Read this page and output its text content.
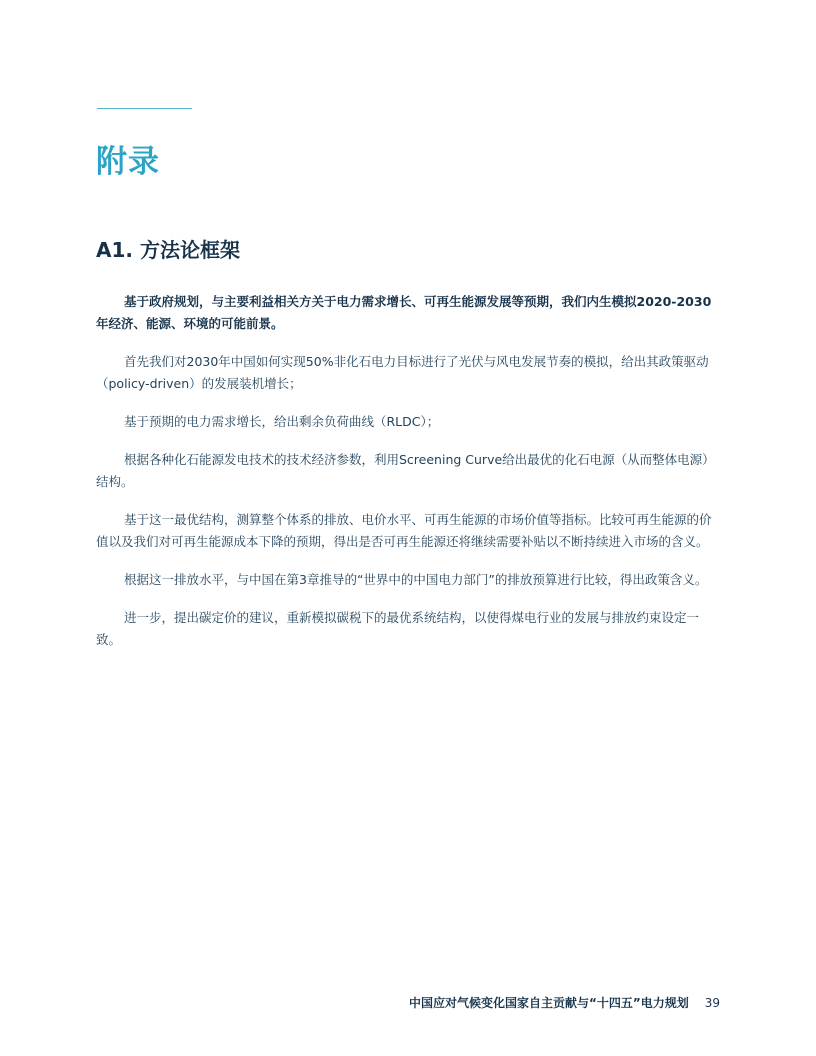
附录
A1. 方法论框架

基于政府规划，与主要利益相关方关于电力需求增长、可再生能源发展等预期，我们内生模拟2020-2030年经济、能源、环境的可能前景。

首先我们对2030年中国如何实现50%非化石电力目标进行了光伏与风电发展节奏的模拟，给出其政策驱动（policy-driven）的发展装机增长；

基于预期的电力需求增长，给出剩余负荷曲线（RLDC）；

根据各种化石能源发电技术的技术经济参数，利用Screening Curve给出最优的化石电源（从而整体电源）结构。

基于这一最优结构，测算整个体系的排放、电价水平、可再生能源的市场价值等指标。比较可再生能源的价值以及我们对可再生能源成本下降的预期，得出是否可再生能源还将继续需要补贴以不断持续进入市场的含义。

根据这一排放水平，与中国在第3章推导的“世界中的中国电力部门”的排放预算进行比较，得出政策含义。

进一步，提出碳定价的建议，重新模拟碳税下的最优系统结构，以使得煤电行业的发展与排放约束设定一致。

中国应对气候变化国家自主贡献与“十四五”电力规划 39
